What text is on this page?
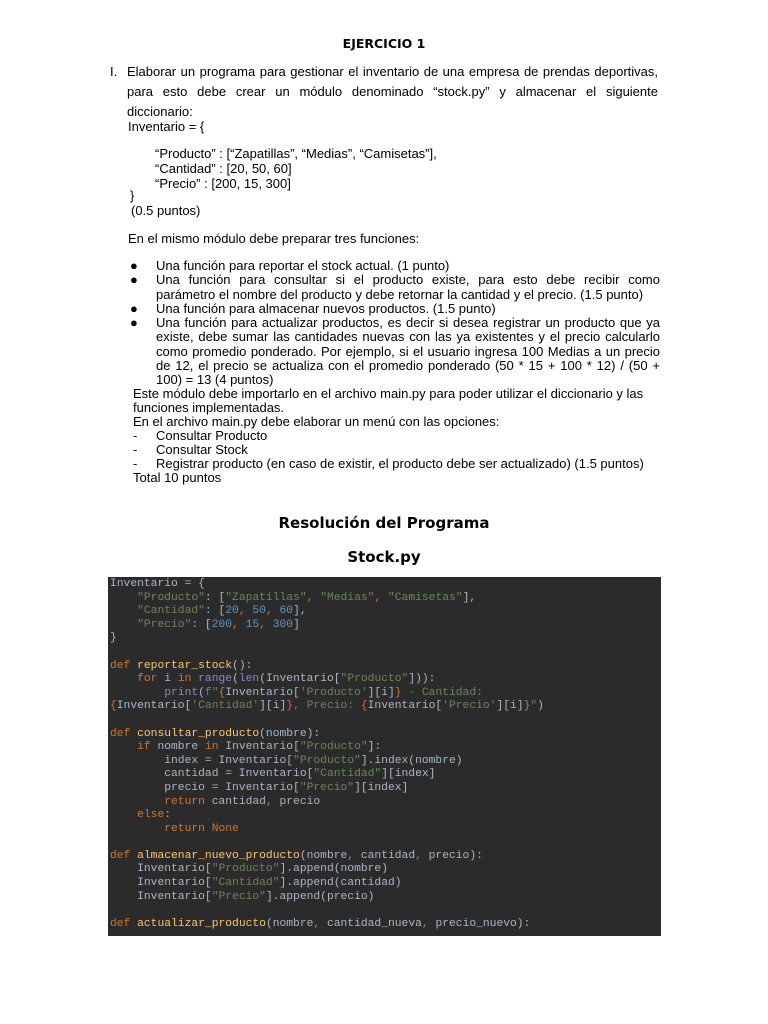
EJERCICIO 1
I. Elaborar un programa para gestionar el inventario de una empresa de prendas deportivas, para esto debe crear un módulo denominado “stock.py” y almacenar el siguiente diccionario:
Inventario = {
“Producto” : [“Zapatillas”, “Medias”, “Camisetas”],
“Cantidad” : [20, 50, 60]
“Precio” : [200, 15, 300]
}
(0.5 puntos)
En el mismo módulo debe preparar tres funciones:
● Una función para reportar el stock actual. (1 punto)
● Una función para consultar si el producto existe, para esto debe recibir como parámetro el nombre del producto y debe retornar la cantidad y el precio. (1.5 punto)
● Una función para almacenar nuevos productos. (1.5 punto)
● Una función para actualizar productos, es decir si desea registrar un producto que ya existe, debe sumar las cantidades nuevas con las ya existentes y el precio calcularlo como promedio ponderado. Por ejemplo, si el usuario ingresa 100 Medias a un precio de 12, el precio se actualiza con el promedio ponderado (50 * 15 + 100 * 12) / (50 + 100) = 13 (4 puntos)
Este módulo debe importarlo en el archivo main.py para poder utilizar el diccionario y las funciones implementadas.
En el archivo main.py debe elaborar un menú con las opciones:
- Consultar Producto
- Consultar Stock
- Registrar producto (en caso de existir, el producto debe ser actualizado) (1.5 puntos)
Total 10 puntos
Resolución del Programa
Stock.py
Inventario = {
"Producto": ["Zapatillas", "Medias", "Camisetas"],
"Cantidad": [20, 50, 60],
"Precio": [200, 15, 300]
}
def reportar_stock():
for i in range(len(Inventario["Producto"])):
print(f"{Inventario['Producto'][i]} - Cantidad:
{Inventario['Cantidad'][i]}, Precio: {Inventario['Precio'][i]}")
def consultar_producto(nombre):
if nombre in Inventario["Producto"]:
index = Inventario["Producto"].index(nombre)
cantidad = Inventario["Cantidad"][index]
precio = Inventario["Precio"][index]
return cantidad, precio
else:
return None
def almacenar_nuevo_producto(nombre, cantidad, precio):
Inventario["Producto"].append(nombre)
Inventario["Cantidad"].append(cantidad)
Inventario["Precio"].append(precio)
def actualizar_producto(nombre, cantidad_nueva, precio_nuevo):
